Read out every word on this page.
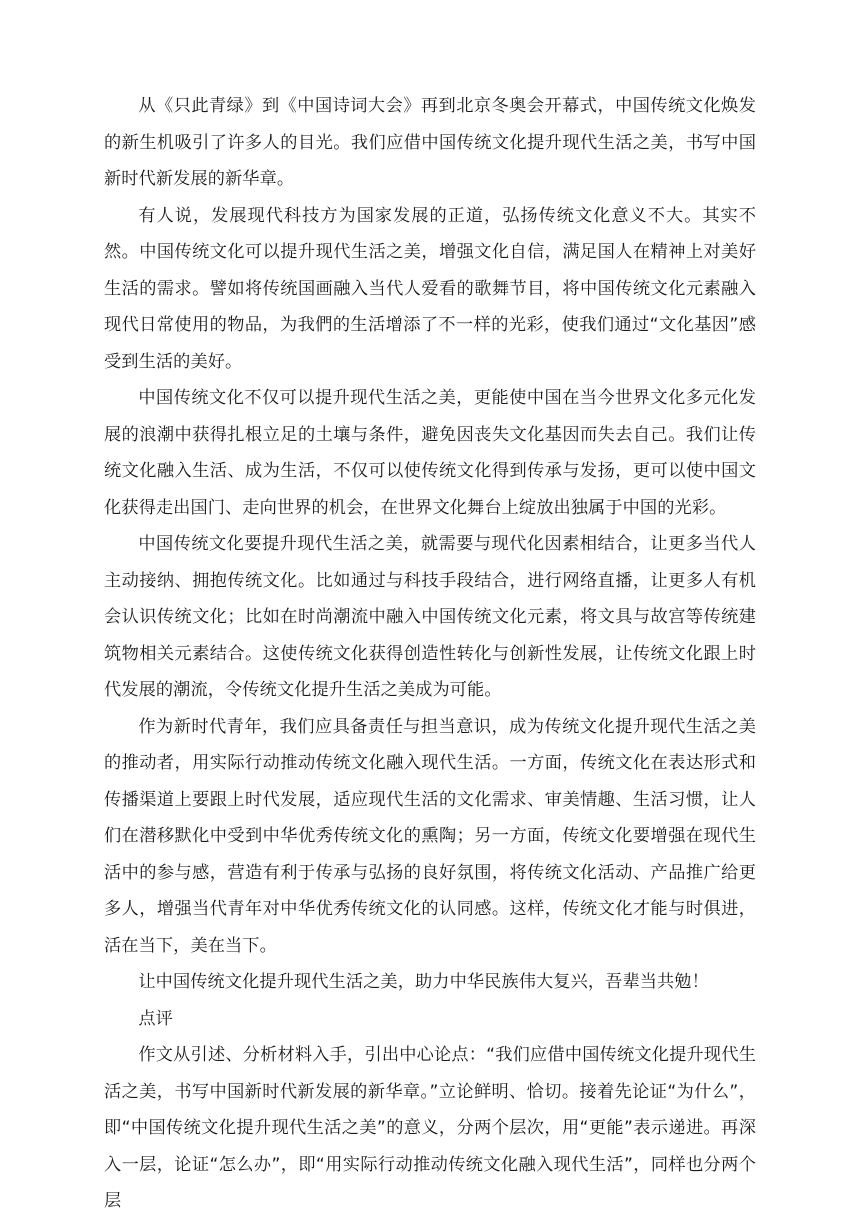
从《只此青绿》到《中国诗词大会》再到北京冬奥会开幕式，中国传统文化焕发的新生机吸引了许多人的目光。我们应借中国传统文化提升现代生活之美，书写中国新时代新发展的新华章。

有人说，发展现代科技方为国家发展的正道，弘扬传统文化意义不大。其实不然。中国传统文化可以提升现代生活之美，增强文化自信，满足国人在精神上对美好生活的需求。譬如将传统国画融入当代人爱看的歌舞节目，将中国传统文化元素融入现代日常使用的物品，为我們的生活增添了不一样的光彩，使我们通过“文化基因”感受到生活的美好。

中国传统文化不仅可以提升现代生活之美，更能使中国在当今世界文化多元化发展的浪潮中获得扎根立足的土壤与条件，避免因丧失文化基因而失去自己。我们让传统文化融入生活、成为生活，不仅可以使传统文化得到传承与发扬，更可以使中国文化获得走出国门、走向世界的机会，在世界文化舞台上绽放出独属于中国的光彩。

中国传统文化要提升现代生活之美，就需要与现代化因素相结合，让更多当代人主动接纳、拥抱传统文化。比如通过与科技手段结合，进行网络直播，让更多人有机会认识传统文化；比如在时尚潮流中融入中国传统文化元素，将文具与故宫等传统建筑物相关元素结合。这使传统文化获得创造性转化与创新性发展，让传统文化跟上时代发展的潮流，令传统文化提升生活之美成为可能。

作为新时代青年，我们应具备责任与担当意识，成为传统文化提升现代生活之美的推动者，用实际行动推动传统文化融入现代生活。一方面，传统文化在表达形式和传播渠道上要跟上时代发展，适应现代生活的文化需求、审美情趣、生活习惯，让人们在潜移默化中受到中华优秀传统文化的熏陶；另一方面，传统文化要增强在现代生活中的参与感，营造有利于传承与弘扬的良好氛围，将传统文化活动、产品推广给更多人，增强当代青年对中华优秀传统文化的认同感。这样，传统文化才能与时俱进，活在当下，美在当下。

让中国传统文化提升现代生活之美，助力中华民族伟大复兴，吾辈当共勉！

点评

作文从引述、分析材料入手，引出中心论点：“我们应借中国传统文化提升现代生活之美，书写中国新时代新发展的新华章。”立论鲜明、恰切。接着先论证“为什么”，即“中国传统文化提升现代生活之美”的意义，分两个层次，用“更能”表示递进。再深入一层，论证“怎么办”，即“用实际行动推动传统文化融入现代生活”，同样也分两个层
